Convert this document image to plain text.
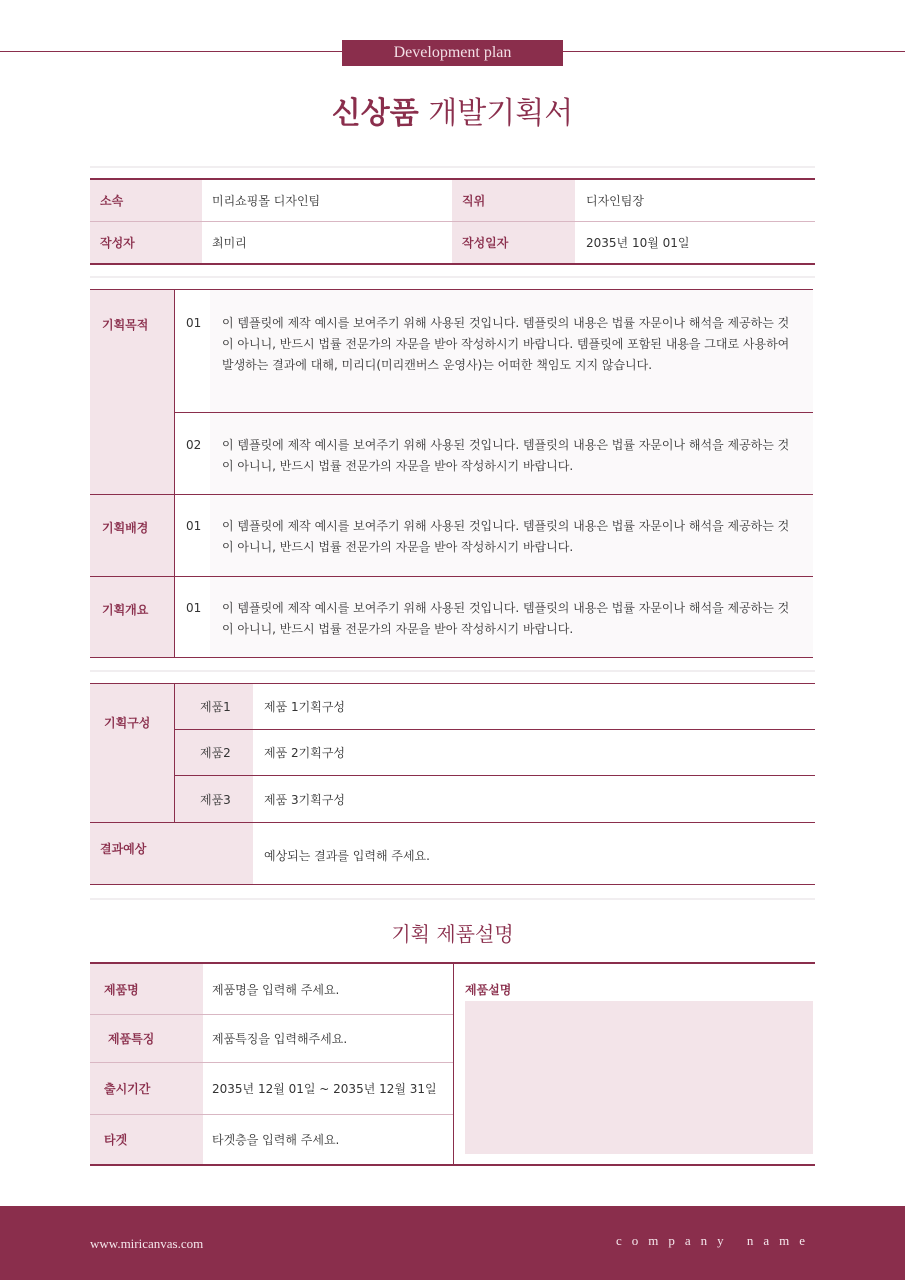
Development plan
신상품 개발기획서
소속	미리쇼핑몰 디자인팀	직위	디자인팀장
작성자	최미리	작성일자	2035년 10월 01일
기획목적	01 이 템플릿에 제작 예시를 보여주기 위해 사용된 것입니다. 템플릿의 내용은 법률 자문이나 해석을 제공하는 것이 아니니, 반드시 법률 전문가의 자문을 받아 작성하시기 바랍니다. 템플릿에 포함된 내용을 그대로 사용하여 발생하는 결과에 대해, 미리디(미리캔버스 운영사)는 어떠한 책임도 지지 않습니다.
02 이 템플릿에 제작 예시를 보여주기 위해 사용된 것입니다. 템플릿의 내용은 법률 자문이나 해석을 제공하는 것이 아니니, 반드시 법률 전문가의 자문을 받아 작성하시기 바랍니다.
기획배경	01 이 템플릿에 제작 예시를 보여주기 위해 사용된 것입니다. 템플릿의 내용은 법률 자문이나 해석을 제공하는 것이 아니니, 반드시 법률 전문가의 자문을 받아 작성하시기 바랍니다.
기획개요	01 이 템플릿에 제작 예시를 보여주기 위해 사용된 것입니다. 템플릿의 내용은 법률 자문이나 해석을 제공하는 것이 아니니, 반드시 법률 전문가의 자문을 받아 작성하시기 바랍니다.
기획구성
제품1	제품 1기획구성
제품2	제품 2기획구성
제품3	제품 3기획구성
결과예상	예상되는 결과를 입력해 주세요.
기획 제품설명
제품명	제품명을 입력해 주세요.
제품특징	제품특징을 입력해주세요.
출시기간	2035년 12월 01일 ~ 2035년 12월 31일
타겟	타겟층을 입력해 주세요.
제품설명
www.miricanvas.com	company name
